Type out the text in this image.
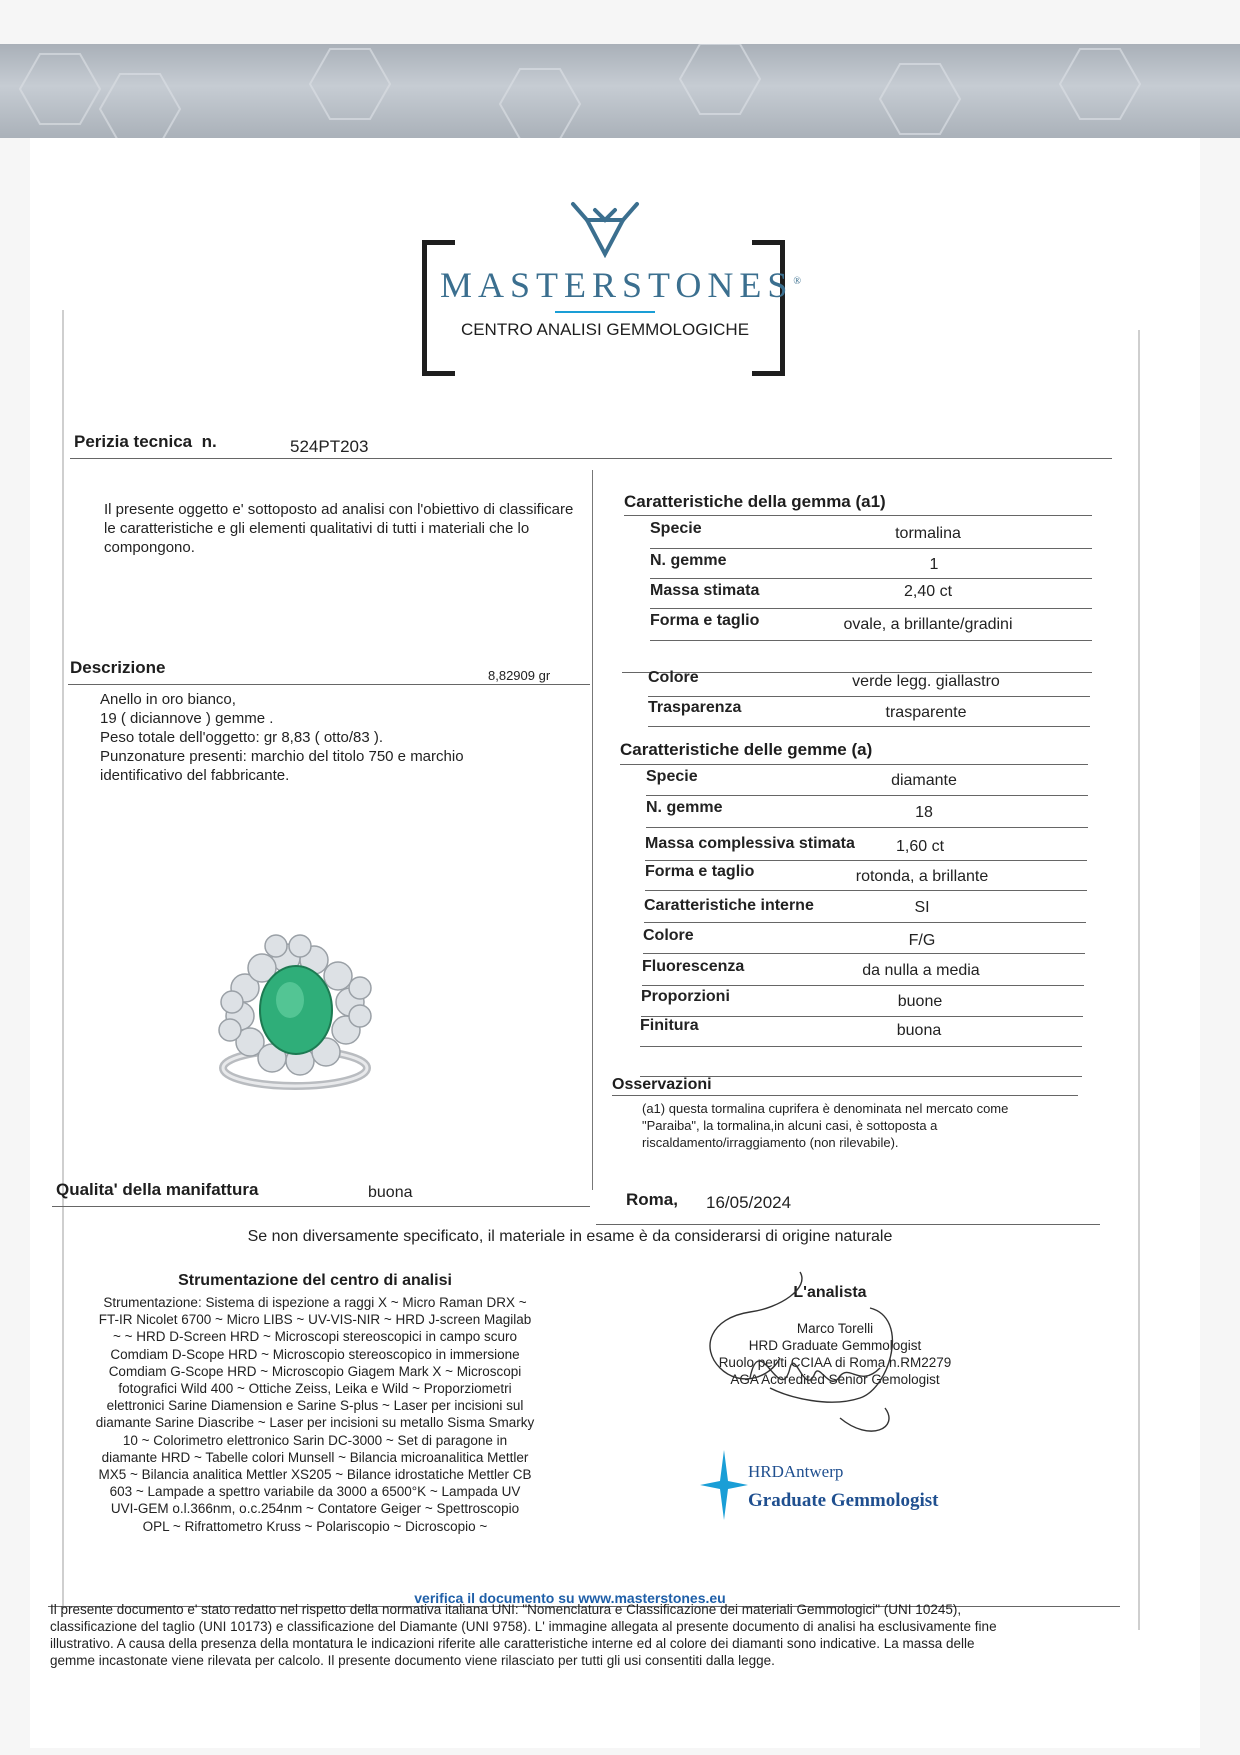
MASTERSTONES®
CENTRO ANALISI GEMMOLOGICHE
Perizia tecnica n.	524PT203
Il presente oggetto e' sottoposto ad analisi con l'obiettivo di classificare le caratteristiche e gli elementi qualitativi di tutti i materiali che lo compongono.
Descrizione	8,82909 gr
Anello in oro bianco,
19 ( diciannove ) gemme .
Peso totale dell'oggetto: gr 8,83 ( otto/83 ).
Punzonature presenti: marchio del titolo 750 e marchio
identificativo del fabbricante.
Caratteristiche della gemma (a1)
Specie	tormalina
N. gemme	1
Massa stimata	2,40 ct
Forma e taglio	ovale, a brillante/gradini
Colore	verde legg. giallastro
Trasparenza	trasparente
Caratteristiche delle gemme (a)
Specie	diamante
N. gemme	18
Massa complessiva stimata	1,60 ct
Forma e taglio	rotonda, a brillante
Caratteristiche interne	SI
Colore	F/G
Fluorescenza	da nulla a media
Proporzioni	buone
Finitura	buona
Osservazioni
(a1) questa tormalina cuprifera è denominata nel mercato come
"Paraiba", la tormalina,in alcuni casi, è sottoposta a
riscaldamento/irraggiamento (non rilevabile).
Qualita' della manifattura	buona	Roma, 16/05/2024
Se non diversamente specificato, il materiale in esame è da considerarsi di origine naturale
Strumentazione del centro di analisi
Strumentazione: Sistema di ispezione a raggi X ~ Micro Raman DRX ~
FT-IR Nicolet 6700 ~ Micro LIBS ~ UV-VIS-NIR ~ HRD J-screen Magilab
~ ~ HRD D-Screen HRD ~ Microscopi stereoscopici in campo scuro
Comdiam D-Scope HRD ~ Microscopio stereoscopico in immersione
Comdiam G-Scope HRD ~ Microscopio Giagem Mark X ~ Microscopi
fotografici Wild 400 ~ Ottiche Zeiss, Leika e Wild ~ Proporziometri
elettronici Sarine Diamension e Sarine S-plus ~ Laser per incisioni sul
diamante Sarine Diascribe ~ Laser per incisioni su metallo Sisma Smarky
10 ~ Colorimetro elettronico Sarin DC-3000 ~ Set di paragone in
diamante HRD ~ Tabelle colori Munsell ~ Bilancia microanalitica Mettler
MX5 ~ Bilancia analitica Mettler XS205 ~ Bilance idrostatiche Mettler CB
603 ~ Lampade a spettro variabile da 3000 a 6500°K ~ Lampada UV
UVI-GEM o.l.366nm, o.c.254nm ~ Contatore Geiger ~ Spettroscopio
OPL ~ Rifrattometro Kruss ~ Polariscopio ~ Dicroscopio ~
L'analista
Marco Torelli
HRD Graduate Gemmologist
Ruolo periti CCIAA di Roma n.RM2279
AGA Accredited Senior Gemologist
HRDAntwerp
Graduate Gemmologist
verifica il documento su www.masterstones.eu
Il presente documento e' stato redatto nel rispetto della normativa italiana UNI: "Nomenclatura e Classificazione dei materiali Gemmologici" (UNI 10245),
classificazione del taglio (UNI 10173) e classificazione del Diamante (UNI 9758). L' immagine allegata al presente documento di analisi ha esclusivamente fine
illustrativo. A causa della presenza della montatura le indicazioni riferite alle caratteristiche interne ed al colore dei diamanti sono indicative. La massa delle
gemme incastonate viene rilevata per calcolo. Il presente documento viene rilasciato per tutti gli usi consentiti dalla legge.
